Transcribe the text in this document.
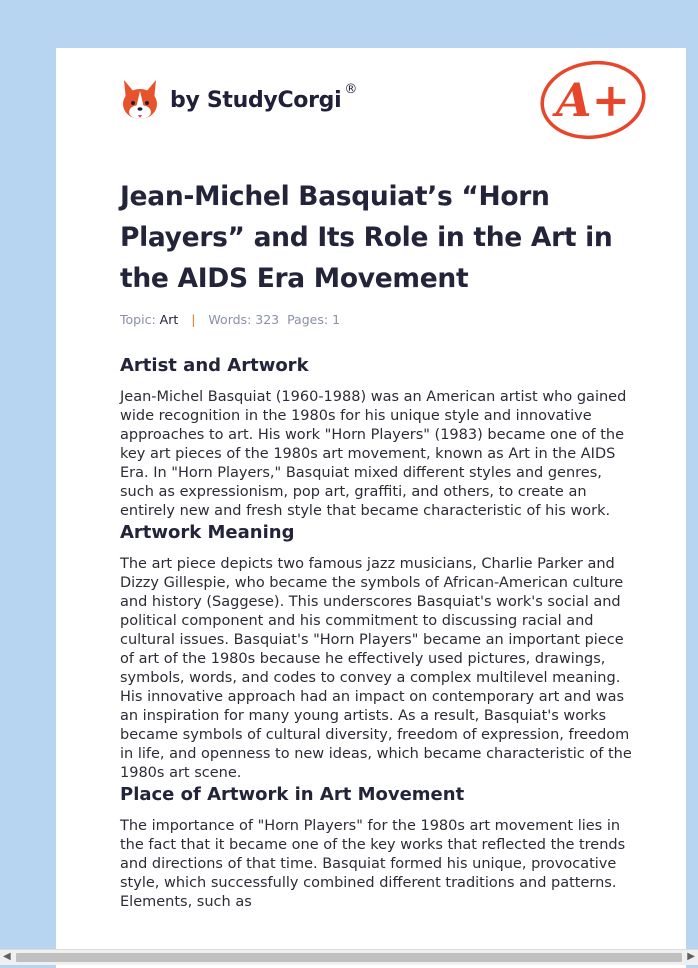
by StudyCorgi ®	A+
Jean-Michel Basquiat’s “Horn Players” and Its Role in the Art in the AIDS Era Movement
Topic: Art | Words: 323 Pages: 1
Artist and Artwork

Jean-Michel Basquiat (1960-1988) was an American artist who gained wide recognition in the 1980s for his unique style and innovative approaches to art. His work "Horn Players" (1983) became one of the key art pieces of the 1980s art movement, known as Art in the AIDS Era. In "Horn Players," Basquiat mixed different styles and genres, such as expressionism, pop art, graffiti, and others, to create an entirely new and fresh style that became characteristic of his work.

Artwork Meaning

The art piece depicts two famous jazz musicians, Charlie Parker and Dizzy Gillespie, who became the symbols of African-American culture and history (Saggese). This underscores Basquiat's work's social and political component and his commitment to discussing racial and cultural issues. Basquiat's "Horn Players" became an important piece of art of the 1980s because he effectively used pictures, drawings, symbols, words, and codes to convey a complex multilevel meaning. His innovative approach had an impact on contemporary art and was an inspiration for many young artists. As a result, Basquiat's works became symbols of cultural diversity, freedom of expression, freedom in life, and openness to new ideas, which became characteristic of the 1980s art scene.

Place of Artwork in Art Movement

The importance of "Horn Players" for the 1980s art movement lies in the fact that it became one of the key works that reflected the trends and directions of that time. Basquiat formed his unique, provocative style, which successfully combined different traditions and patterns. Elements, such as

◀	▶
